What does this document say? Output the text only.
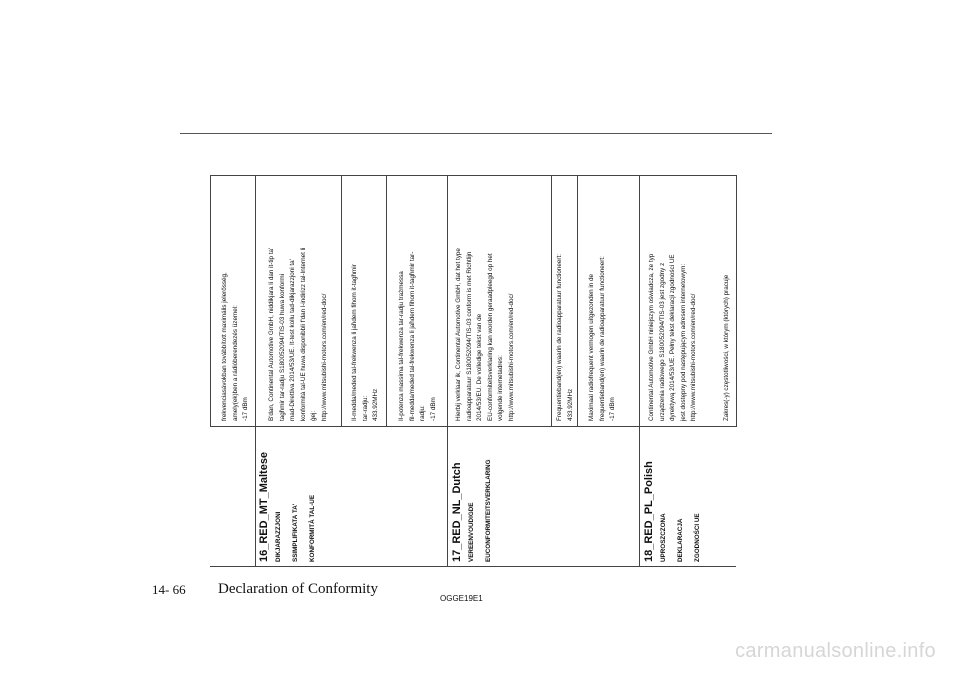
frekvenciasávokban továbbított maximális jelerősség, amely(ek)ben a rádióberendezés üzemel: -17 dBm
16_RED_MT_Maltese DIKJARAZZJONI	SSIMPLIFIKATA TA'	KONFORMITÀ TAL-UE
B'dan, Continental Automotive GmbH, niddikjara li dan it-tip ta' tagħmir tar-radju S180052094/TIS-03 huwa konformi mad-Direttiva 2014/53/UE. It-test kollu tad-dikjarazzjoni ta' konformità tal-UE huwa disponibbli f'dan l-indirizz tal-Internet li ġej: http://www.mitsubishi-motors.com/en/red-doc/	Il-medda/meded tal-frekwenza li jaħdem fihom it-tagħmir tar-radju: 433.92MHz	Il-potenza massima tal-frekwenza tar-radju trażmessa fil-medda/meded tal-frekwenza li jaħdem fihom it-tagħmir tar- radju: -17 dBm
17_RED_NL_Dutch VEREENVOUDIGDE	EUCONFORMITEITSVERKLARING
Hierbij verklaar ik, Continental Automotive GmbH, dat het type radioapparatuur S180052094/TIS-03 conform is met Richtlijn 2014/53/EU. De volledige tekst van de EU-conformiteitsverklaring kan worden geraadpleegd op het volgende internetadres: http://www.mitsubishi-motors.com/en/red-doc/	Frequentieband(en) waarin de radioapparatuur functioneert: 433.92MHz	Maximaal radiofrequent vermogen uitgezonden in de frequentieband(en) waarin de radioapparatuur functioneert: -17 dBm
18_RED_PL_Polish UPROSZCZONA	DEKLARACJA	ZGODNOŚCI UE
Continental Automotive GmbH niniejszym oświadcza, że typ urządzenia radiowego S180052094/TIS-03 jest zgodny z dyrektywą 2014/53/UE. Pełny tekst deklaracji zgodności UE jest dostępny pod następującym adresem internetowym: http://www.mitsubishi-motors.com/en/red-doc/	Zakres(-y) częstotliwości, w którym (których) pracuje
14- 66 Declaration of Conformity
OGGE19E1
carmanualsonline.info
